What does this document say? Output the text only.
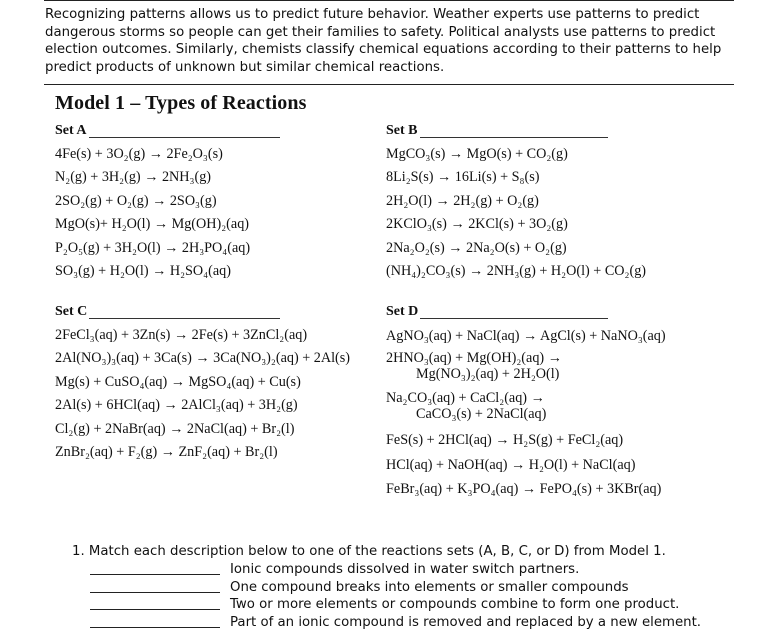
Recognizing patterns allows us to predict future behavior. Weather experts use patterns to predict dangerous storms so people can get their families to safety. Political analysts use patterns to predict election outcomes. Similarly, chemists classify chemical equations according to their patterns to help predict products of unknown but similar chemical reactions.

Model 1 – Types of Reactions
Set A
4Fe(s) + 3O₂(g) → 2Fe₂O₃(s)
N₂(g) + 3H₂(g) → 2NH₃(g)
2SO₂(g) + O₂(g) → 2SO₃(g)
MgO(s)+ H₂O(l) → Mg(OH)₂(aq)
P₂O₅(g) + 3H₂O(l) → 2H₃PO₄(aq)
SO₃(g) + H₂O(l) → H₂SO₄(aq)
Set B
MgCO₃(s) → MgO(s) + CO₂(g)
8Li₂S(s) → 16Li(s) + S₈(s)
2H₂O(l) → 2H₂(g) + O₂(g)
2KClO₃(s) → 2KCl(s) + 3O₂(g)
2Na₂O₂(s) → 2Na₂O(s) + O₂(g)
(NH₄)₂CO₃(s) → 2NH₃(g) + H₂O(l) + CO₂(g)
Set C
2FeCl₃(aq) + 3Zn(s) → 2Fe(s) + 3ZnCl₂(aq)
2Al(NO₃)₃(aq) + 3Ca(s) → 3Ca(NO₃)₂(aq) + 2Al(s)
Mg(s) + CuSO₄(aq) → MgSO₄(aq) + Cu(s)
2Al(s) + 6HCl(aq) → 2AlCl₃(aq) + 3H₂(g)
Cl₂(g) + 2NaBr(aq) → 2NaCl(aq) + Br₂(l)
ZnBr₂(aq) + F₂(g) → ZnF₂(aq) + Br₂(l)
Set D
AgNO₃(aq) + NaCl(aq) → AgCl(s) + NaNO₃(aq)
2HNO₃(aq) + Mg(OH)₂(aq) →
Mg(NO₃)₂(aq) + 2H₂O(l)
Na₂CO₃(aq) + CaCl₂(aq) →
CaCO₃(s) + 2NaCl(aq)
FeS(s) + 2HCl(aq) → H₂S(g) + FeCl₂(aq)
HCl(aq) + NaOH(aq) → H₂O(l) + NaCl(aq)
FeBr₃(aq) + K₃PO₄(aq) → FePO₄(s) + 3KBr(aq)
1. Match each description below to one of the reactions sets (A, B, C, or D) from Model 1.
Ionic compounds dissolved in water switch partners.
One compound breaks into elements or smaller compounds
Two or more elements or compounds combine to form one product.
Part of an ionic compound is removed and replaced by a new element.
